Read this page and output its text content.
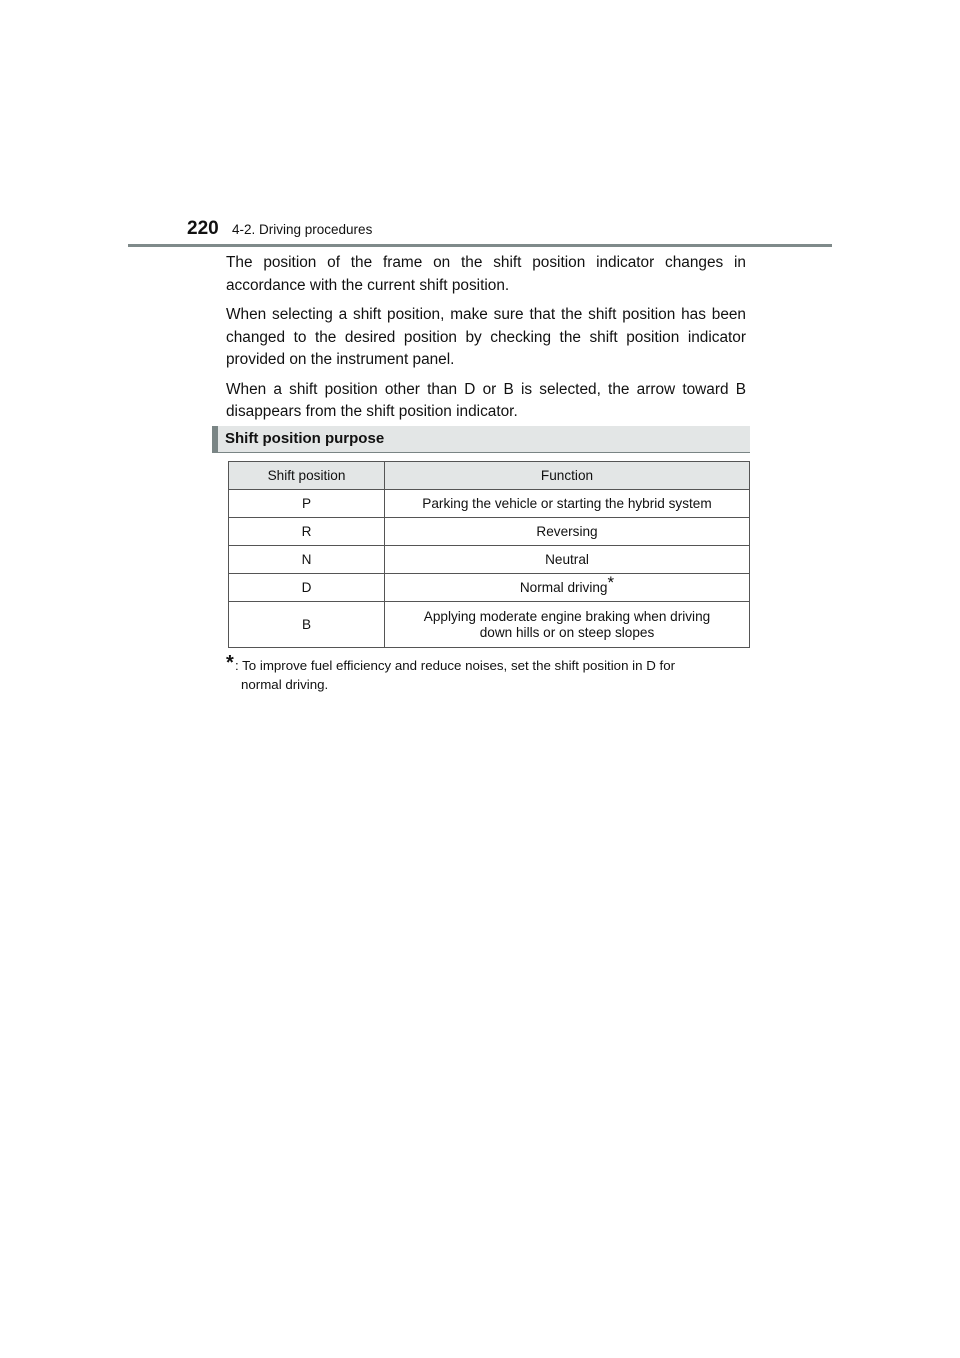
220 4-2. Driving procedures

The position of the frame on the shift position indicator changes in accordance with the current shift position.

When selecting a shift position, make sure that the shift position has been changed to the desired position by checking the shift position indicator provided on the instrument panel.

When a shift position other than D or B is selected, the arrow toward B disappears from the shift position indicator.

Shift position purpose
Shift position	Function
P	Parking the vehicle or starting the hybrid system
R	Reversing
N	Neutral
D	Normal driving*
B	Applying moderate engine braking when driving
down hills or on steep slopes
* : To improve fuel efficiency and reduce noises, set the shift position in D for
normal driving.
